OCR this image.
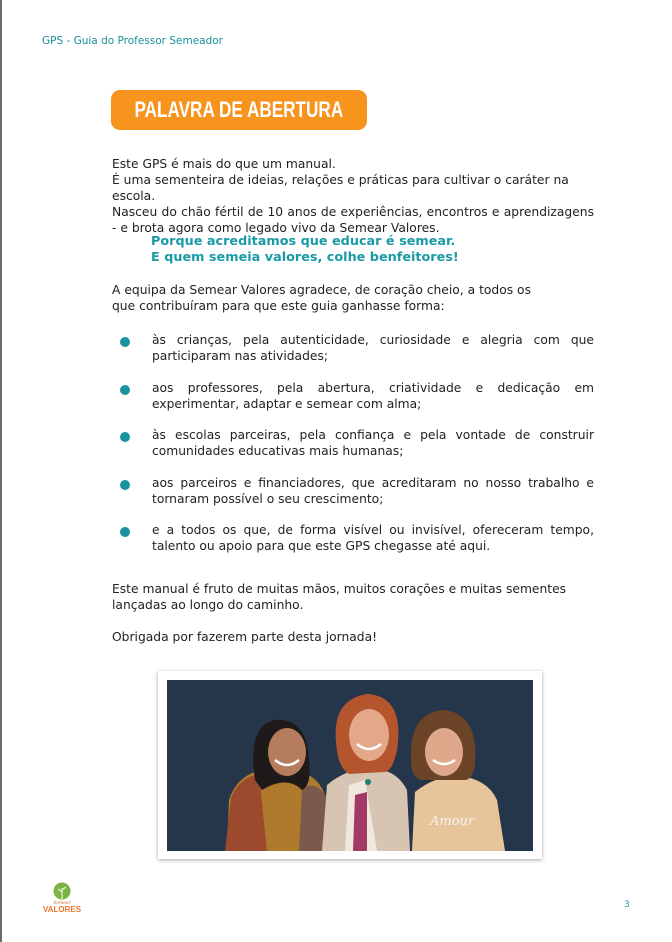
GPS - Guia do Professor Semeador
PALAVRA DE ABERTURA

Este GPS é mais do que um manual.

É uma sementeira de ideias, relações e práticas para cultivar o caráter na escola.

Nasceu do chão fértil de 10 anos de experiências, encontros e aprendizagens - e brota agora como legado vivo da Semear Valores.

Porque acreditamos que educar é semear.

E quem semeia valores, colhe benfeitores!

A equipa da Semear Valores agradece, de coração cheio, a todos os que contribuíram para que este guia ganhasse forma:

às crianças, pela autenticidade, curiosidade e alegria com que participaram nas atividades;
aos professores, pela abertura, criatividade e dedicação em experimentar, adaptar e semear com alma;
às escolas parceiras, pela confiança e pela vontade de construir comunidades educativas mais humanas;
aos parceiros e financiadores, que acreditaram no nosso trabalho e tornaram possível o seu crescimento;
e a todos os que, de forma visível ou invisível, ofereceram tempo, talento ou apoio para que este GPS chegasse até aqui.

Este manual é fruto de muitas mãos, muitos corações e muitas sementes lançadas ao longo do caminho.

Obrigada por fazerem parte desta jornada!

Amour
Semear
VALORES	3
